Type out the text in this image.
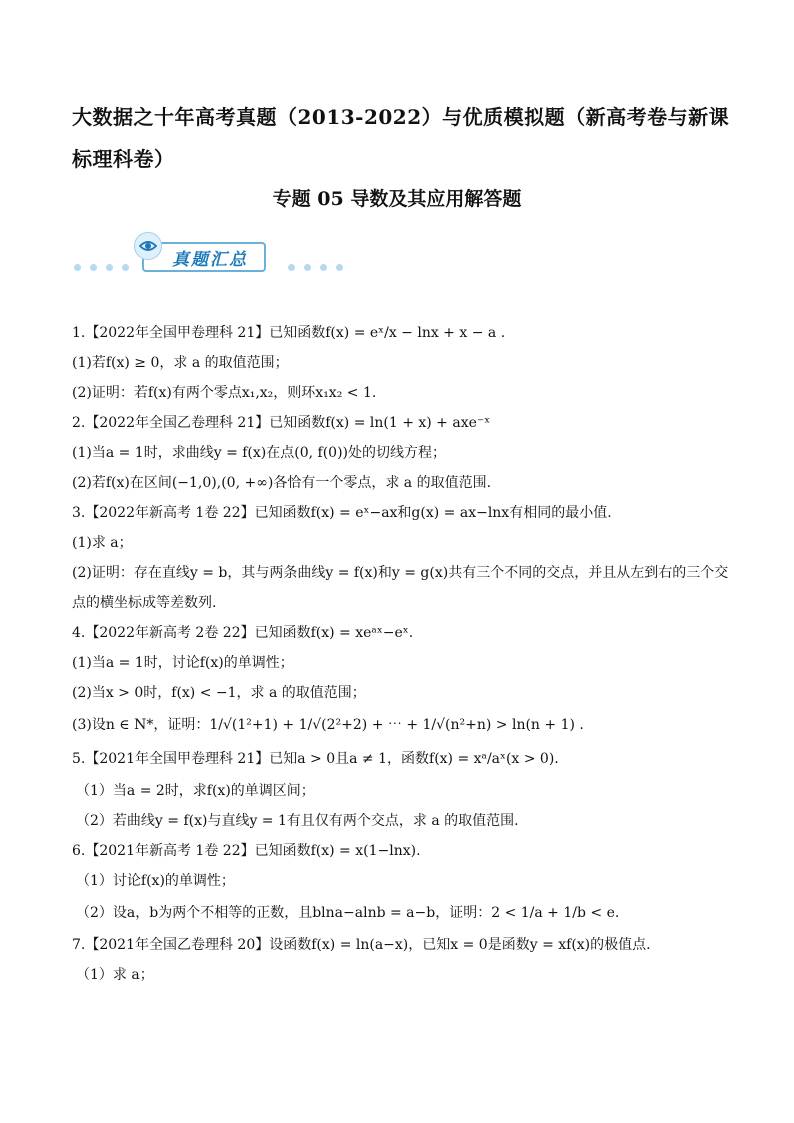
大数据之十年高考真题（2013-2022）与优质模拟题（新高考卷与新课
标理科卷）
专题 05 导数及其应用解答题
真题汇总
1.【2022年全国甲卷理科 21】已知函数f(x) = eˣ/x − lnx + x − a .
(1)若f(x) ≥ 0，求 a 的取值范围；
(2)证明：若f(x)有两个零点x₁,x₂，则环x₁x₂ < 1.
2.【2022年全国乙卷理科 21】已知函数f(x) = ln(1 + x) + axe⁻ˣ
(1)当a = 1时，求曲线y = f(x)在点(0, f(0))处的切线方程；
(2)若f(x)在区间(−1,0),(0, +∞)各恰有一个零点，求 a 的取值范围.
3.【2022年新高考 1卷 22】已知函数f(x) = eˣ−ax和g(x) = ax−lnx有相同的最小值.
(1)求 a；
(2)证明：存在直线y = b，其与两条曲线y = f(x)和y = g(x)共有三个不同的交点，并且从左到右的三个交
点的横坐标成等差数列.
4.【2022年新高考 2卷 22】已知函数f(x) = xeᵃˣ−eˣ.
(1)当a = 1时，讨论f(x)的单调性；
(2)当x > 0时，f(x) < −1，求 a 的取值范围；
(3)设n ∈ N*，证明：1/√(1²+1) + 1/√(2²+2) + ⋯ + 1/√(n²+n) > ln(n + 1) .
5.【2021年全国甲卷理科 21】已知a > 0且a ≠ 1，函数f(x) = xᵃ/aˣ(x > 0).
（1）当a = 2时，求f(x)的单调区间；
（2）若曲线y = f(x)与直线y = 1有且仅有两个交点，求 a 的取值范围.
6.【2021年新高考 1卷 22】已知函数f(x) = x(1−lnx).
（1）讨论f(x)的单调性；
（2）设a，b为两个不相等的正数，且blna−alnb = a−b，证明：2 < 1/a + 1/b < e.
7.【2021年全国乙卷理科 20】设函数f(x) = ln(a−x)，已知x = 0是函数y = xf(x)的极值点.
（1）求 a；
